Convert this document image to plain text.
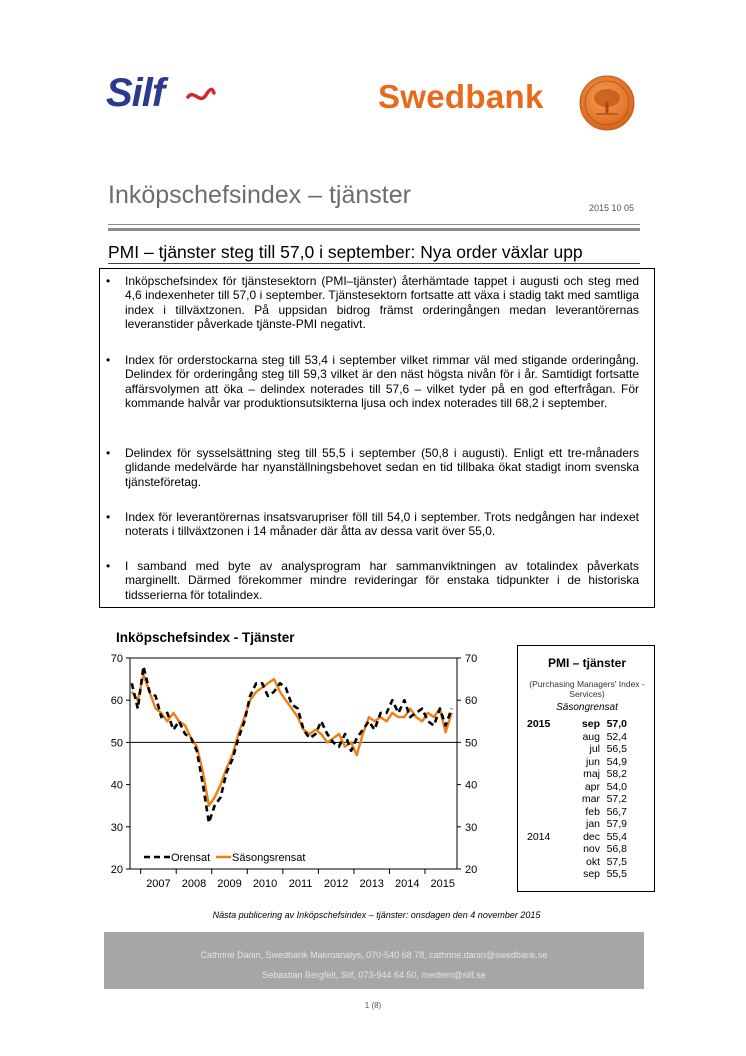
Silf	Swedbank
Inköpschefsindex – tjänster	2015 10 05
PMI – tjänster steg till 57,0 i september: Nya order växlar upp
• Inköpschefsindex för tjänstesektorn (PMI–tjänster) återhämtade tappet i augusti och steg med 4,6 indexenheter till 57,0 i september. Tjänstesektorn fortsatte att växa i stadig takt med samtliga index i tillväxtzonen. På uppsidan bidrog främst orderingången medan leverantörernas leveranstider påverkade tjänste-PMI negativt.
• Index för orderstockarna steg till 53,4 i september vilket rimmar väl med stigande orderingång. Delindex för orderingång steg till 59,3 vilket är den näst högsta nivån för i år. Samtidigt fortsatte affärsvolymen att öka – delindex noterades till 57,6 – vilket tyder på en god efterfrågan. För kommande halvår var produktionsutsikterna ljusa och index noterades till 68,2 i september.
• Delindex för sysselsättning steg till 55,5 i september (50,8 i augusti). Enligt ett tre-månaders glidande medelvärde har nyanställningsbehovet sedan en tid tillbaka ökat stadigt inom svenska tjänsteföretag.
• Index för leverantörernas insatsvarupriser föll till 54,0 i september. Trots nedgången har indexet noterats i tillväxtzonen i 14 månader där åtta av dessa varit över 55,0.
• I samband med byte av analysprogram har sammanviktningen av totalindex påverkats marginellt. Därmed förekommer mindre revideringar för enstaka tidpunkter i de historiska tidsserierna för totalindex.
Inköpschefsindex - Tjänster
20	20
30	30
40	40
50	50
60	60
70	70
2007 2008 2009 2010 2011 2012 2013 2014 2015
Orensat Säsongsrensat
PMI – tjänster
(Purchasing Managers' Index - Services)
Säsongrensat
2015	sep 57,0
aug 52,4
jul 56,5
jun 54,9
maj 58,2
apr 54,0
mar 57,2
feb 56,7
jan 57,9
2014	dec 55,4
nov 56,8
okt 57,5
sep 55,5
Nästa publicering av Inköpschefsindex – tjänster: onsdagen den 4 november 2015
Cathrine Danin, Swedbank Makroanalys, 070-540 68 78, cathrine.danin@swedbank.se
Sebastian Bergfelt, Silf, 073-944 64 50, medlem@silf.se
1 (8)
